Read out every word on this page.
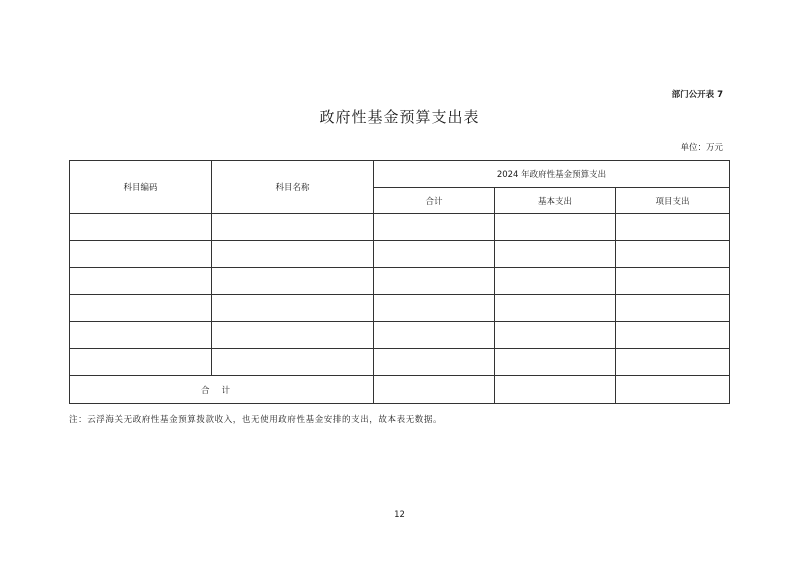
部门公开表 7
政府性基金预算支出表
单位：万元
科目编码	科目名称	2024 年政府性基金预算支出		
		合计	基本支出	项目支出

合计				
注：云浮海关无政府性基金预算拨款收入，也无使用政府性基金安排的支出，故本表无数据。
12
